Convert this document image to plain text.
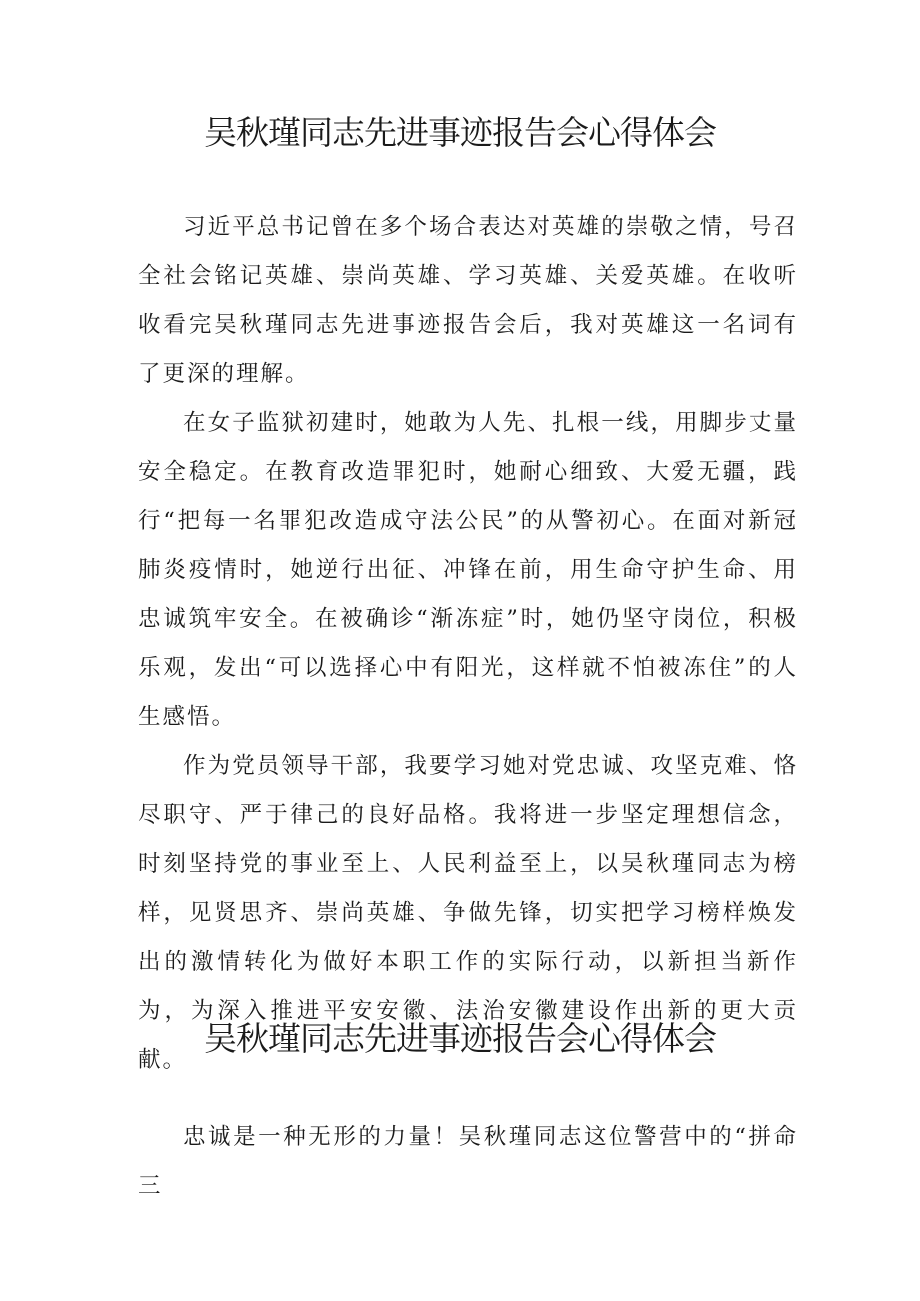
吴秋瑾同志先进事迹报告会心得体会

习近平总书记曾在多个场合表达对英雄的崇敬之情，号召全社会铭记英雄、崇尚英雄、学习英雄、关爱英雄。在收听收看完吴秋瑾同志先进事迹报告会后，我对英雄这一名词有了更深的理解。

在女子监狱初建时，她敢为人先、扎根一线，用脚步丈量安全稳定。在教育改造罪犯时，她耐心细致、大爱无疆，践行“把每一名罪犯改造成守法公民”的从警初心。在面对新冠肺炎疫情时，她逆行出征、冲锋在前，用生命守护生命、用忠诚筑牢安全。在被确诊“渐冻症”时，她仍坚守岗位，积极乐观，发出“可以选择心中有阳光，这样就不怕被冻住”的人生感悟。

作为党员领导干部，我要学习她对党忠诚、攻坚克难、恪尽职守、严于律己的良好品格。我将进一步坚定理想信念，时刻坚持党的事业至上、人民利益至上，以吴秋瑾同志为榜样，见贤思齐、崇尚英雄、争做先锋，切实把学习榜样焕发出的激情转化为做好本职工作的实际行动，以新担当新作为，为深入推进平安安徽、法治安徽建设作出新的更大贡献。

吴秋瑾同志先进事迹报告会心得体会

忠诚是一种无形的力量！吴秋瑾同志这位警营中的“拼命三
